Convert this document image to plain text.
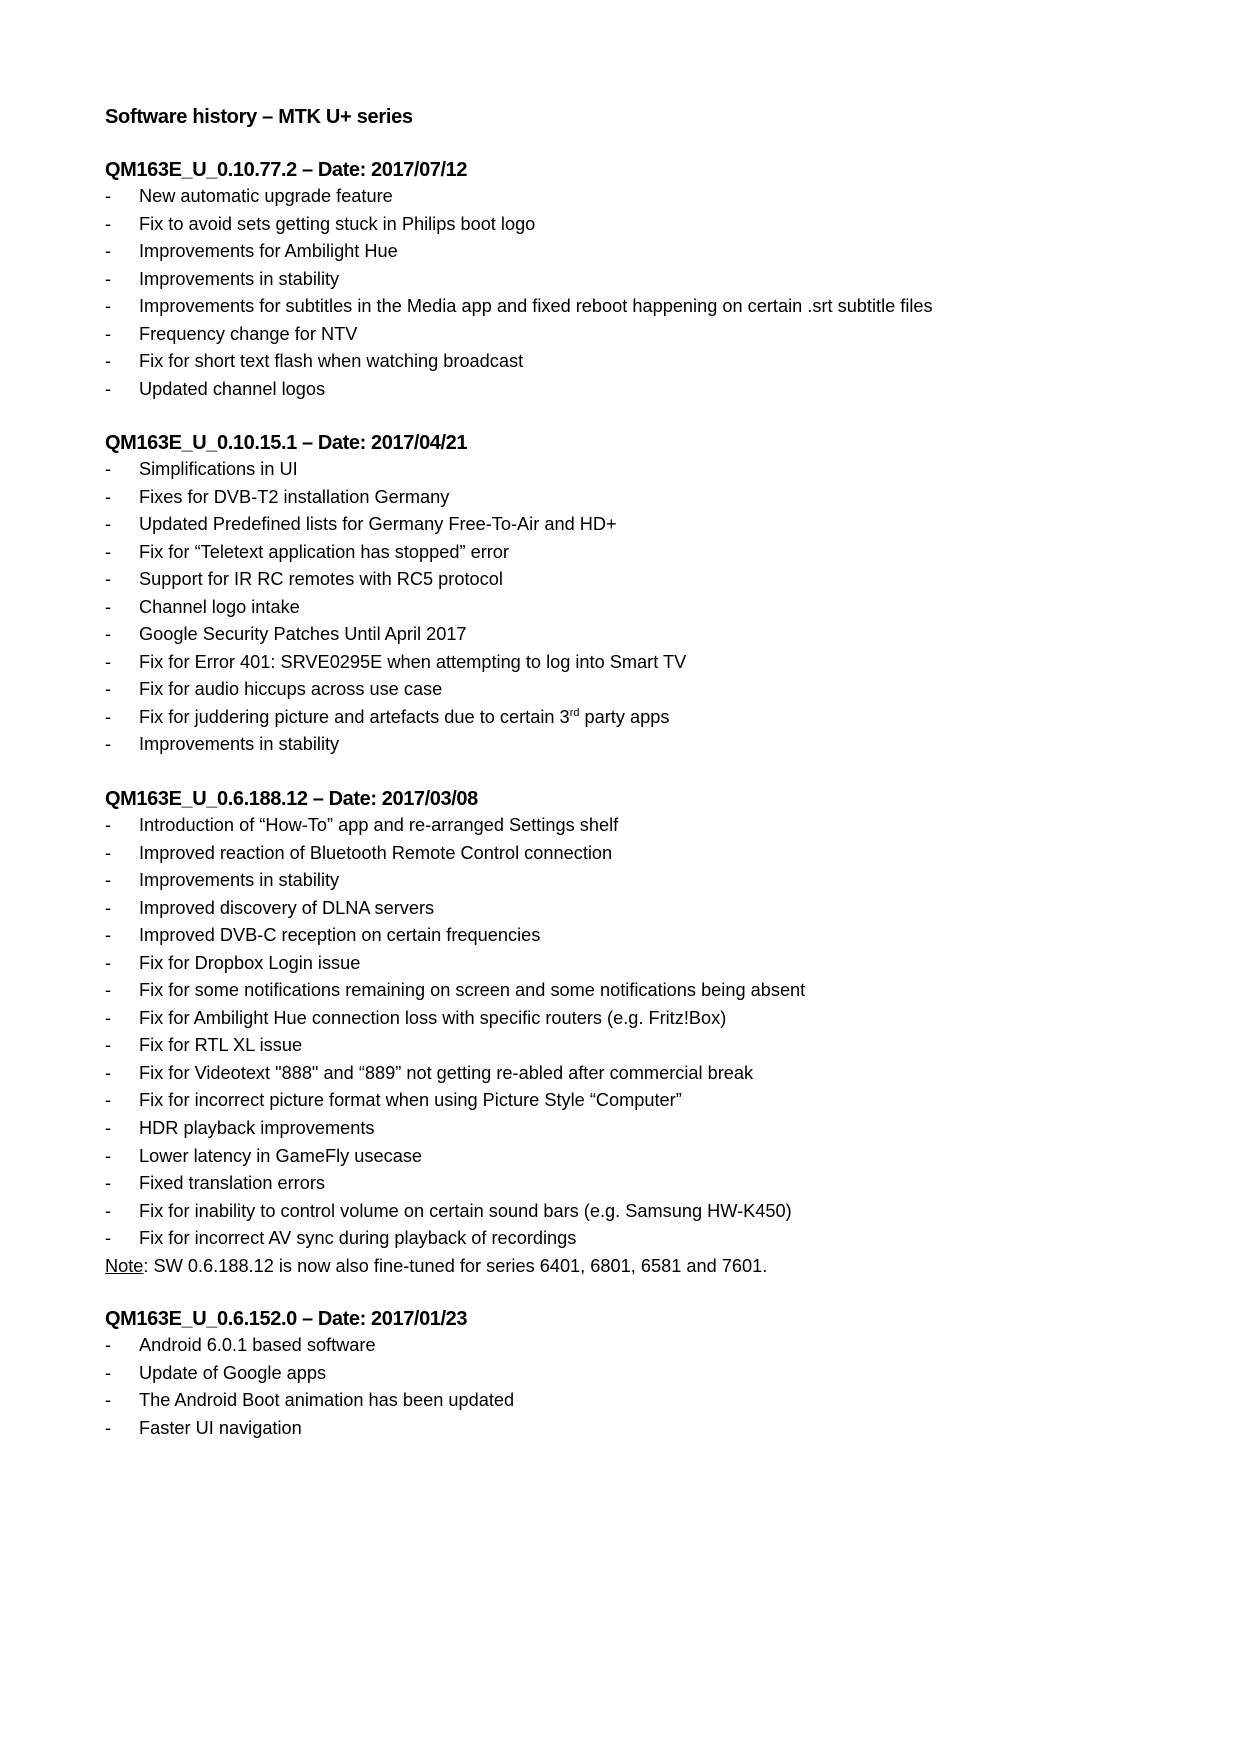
Software history – MTK U+ series
QM163E_U_0.10.77.2 – Date: 2017/07/12
-	New automatic upgrade feature
-	Fix to avoid sets getting stuck in Philips boot logo
-	Improvements for Ambilight Hue
-	Improvements in stability
-	Improvements for subtitles in the Media app and fixed reboot happening on certain .srt subtitle files
-	Frequency change for NTV
-	Fix for short text flash when watching broadcast
-	Updated channel logos
QM163E_U_0.10.15.1 – Date: 2017/04/21
-	Simplifications in UI
-	Fixes for DVB-T2 installation Germany
-	Updated Predefined lists for Germany Free-To-Air and HD+
-	Fix for “Teletext application has stopped” error
-	Support for IR RC remotes with RC5 protocol
-	Channel logo intake
-	Google Security Patches Until April 2017
-	Fix for Error 401: SRVE0295E when attempting to log into Smart TV
-	Fix for audio hiccups across use case
-	Fix for juddering picture and artefacts due to certain 3rd party apps
-	Improvements in stability
QM163E_U_0.6.188.12 – Date: 2017/03/08
-	Introduction of “How-To” app and re-arranged Settings shelf
-	Improved reaction of Bluetooth Remote Control connection
-	Improvements in stability
-	Improved discovery of DLNA servers
-	Improved DVB-C reception on certain frequencies
-	Fix for Dropbox Login issue
-	Fix for some notifications remaining on screen and some notifications being absent
-	Fix for Ambilight Hue connection loss with specific routers (e.g. Fritz!Box)
-	Fix for RTL XL issue
-	Fix for Videotext "888" and “889” not getting re-abled after commercial break
-	Fix for incorrect picture format when using Picture Style “Computer”
-	HDR playback improvements
-	Lower latency in GameFly usecase
-	Fixed translation errors
-	Fix for inability to control volume on certain sound bars (e.g. Samsung HW-K450)
-	Fix for incorrect AV sync during playback of recordings
Note: SW 0.6.188.12 is now also fine-tuned for series 6401, 6801, 6581 and 7601.
QM163E_U_0.6.152.0 – Date: 2017/01/23
-	Android 6.0.1 based software
-	Update of Google apps
-	The Android Boot animation has been updated
-	Faster UI navigation
